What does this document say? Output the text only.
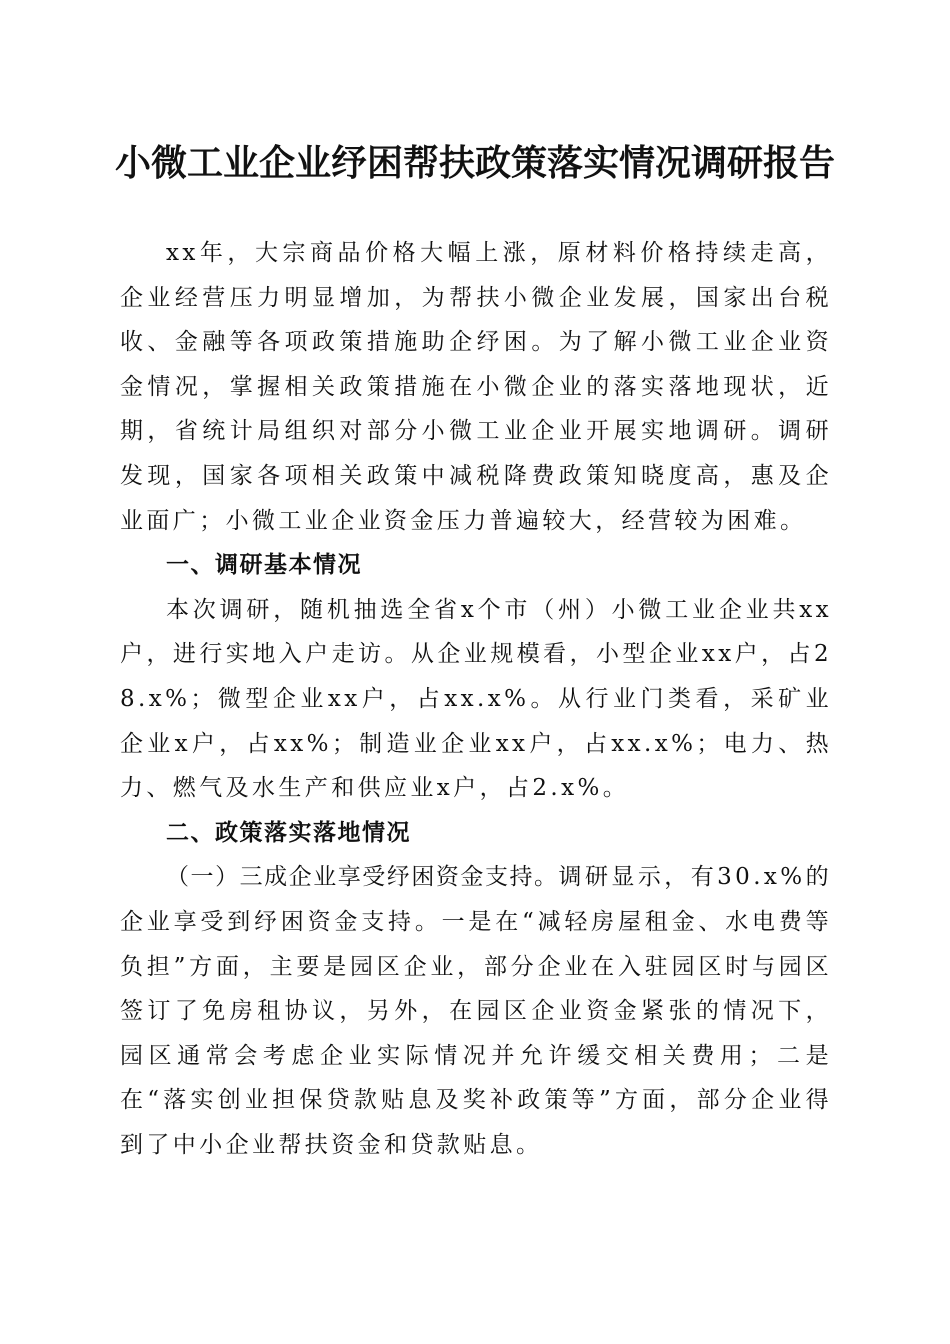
小微工业企业纾困帮扶政策落实情况调研报告

xx年，大宗商品价格大幅上涨，原材料价格持续走高，企业经营压力明显增加，为帮扶小微企业发展，国家出台税收、金融等各项政策措施助企纾困。为了解小微工业企业资金情况，掌握相关政策措施在小微企业的落实落地现状，近期，省统计局组织对部分小微工业企业开展实地调研。调研发现，国家各项相关政策中减税降费政策知晓度高，惠及企业面广；小微工业企业资金压力普遍较大，经营较为困难。

一、调研基本情况

本次调研，随机抽选全省x个市（州）小微工业企业共xx户，进行实地入户走访。从企业规模看，小型企业xx户，占28.x%；微型企业xx户，占xx.x%。从行业门类看，采矿业企业x户，占xx%；制造业企业xx户，占xx.x%；电力、热力、燃气及水生产和供应业x户，占2.x%。

二、政策落实落地情况

（一）三成企业享受纾困资金支持。调研显示，有30.x%的企业享受到纾困资金支持。一是在“减轻房屋租金、水电费等负担”方面，主要是园区企业，部分企业在入驻园区时与园区签订了免房租协议，另外，在园区企业资金紧张的情况下，园区通常会考虑企业实际情况并允许缓交相关费用；二是在“落实创业担保贷款贴息及奖补政策等”方面，部分企业得到了中小企业帮扶资金和贷款贴息。
